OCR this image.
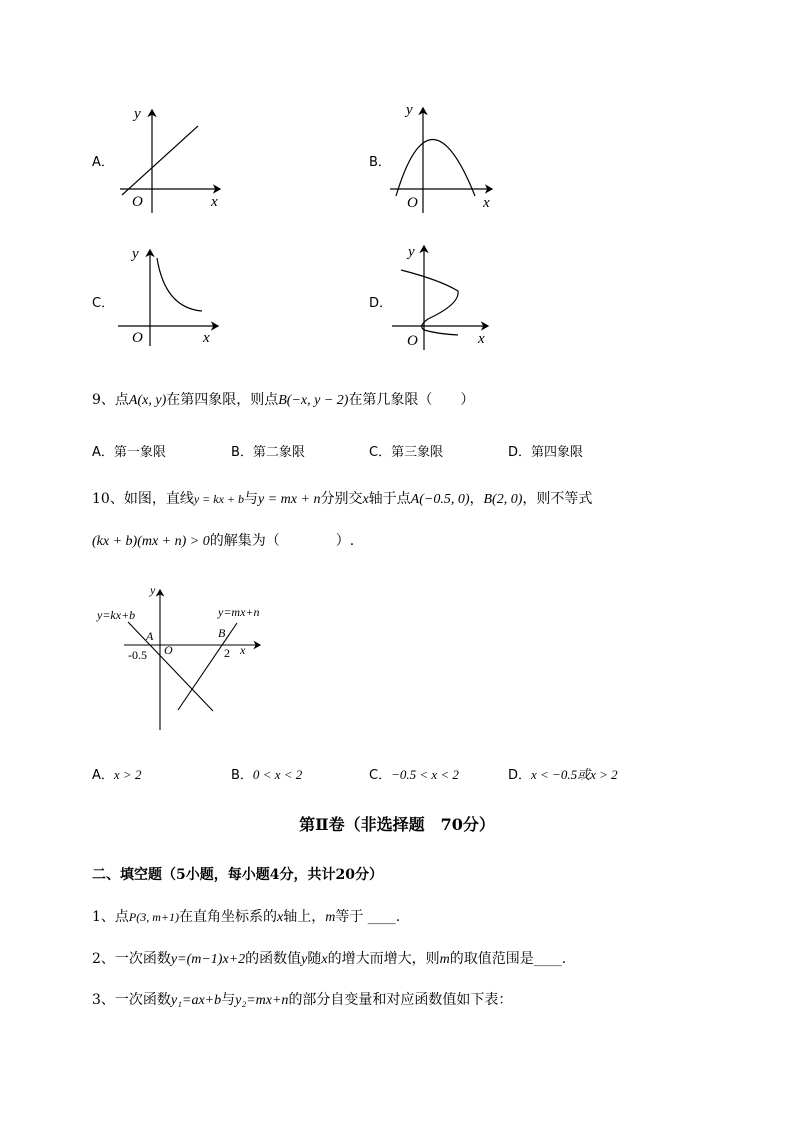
A．
y
x
O
B．
y
x
O
C．
y
x
O
D．
y
x
O
9、点A(x, y)在第四象限，则点B(−x, y − 2)在第几象限（　　）
A．第一象限	B．第二象限	C．第三象限	D．第四象限
10、如图，直线y = kx + b与y = mx + n分别交x轴于点A(−0.5, 0)，B(2, 0)，则不等式
(kx + b)(mx + n) > 0的解集为（　　　　）.
y=kx+b	y=mx+n
y
x
A	B
O
-0.5	2
A．x > 2	B．0 < x < 2	C．−0.5 < x < 2	D．x < −0.5或x > 2
第Ⅱ卷（非选择题　70分）
二、填空题（5小题，每小题4分，共计20分）
1、点P(3, m+1)在直角坐标系的x轴上，m等于 ____.
2、一次函数y=(m−1)x+2的函数值y随x的增大而增大，则m的取值范围是____.
3、一次函数y₁=ax+b与y₂=mx+n的部分自变量和对应函数值如下表：
